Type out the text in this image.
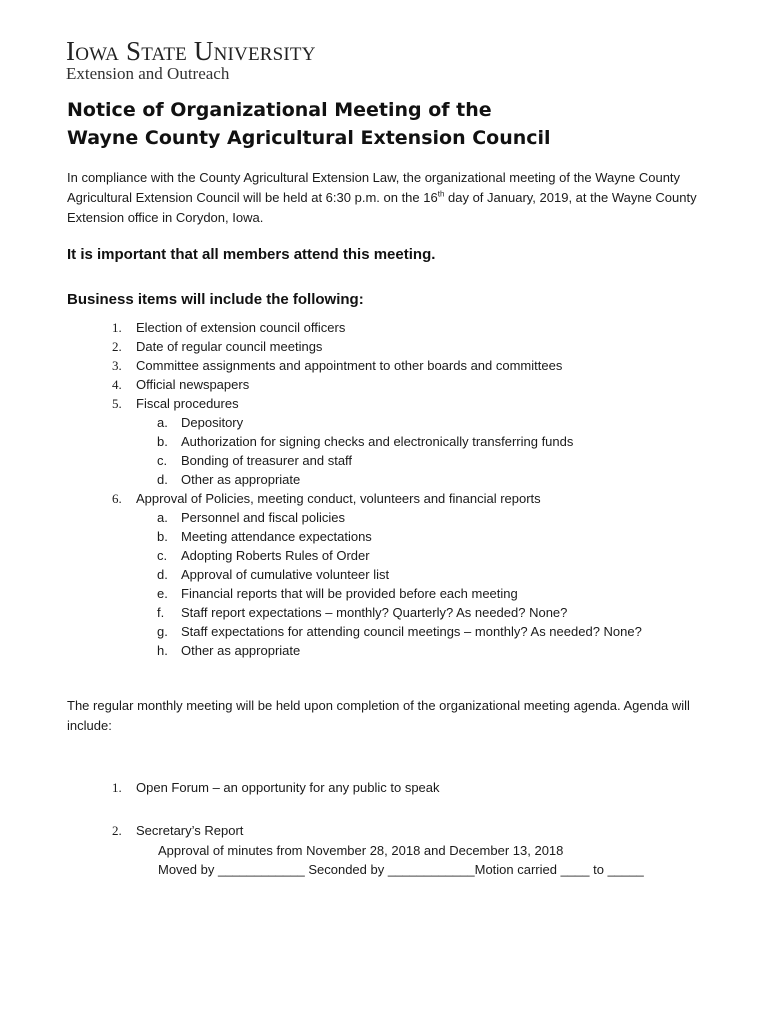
Iowa State University
Extension and Outreach
Notice of Organizational Meeting of the
Wayne County Agricultural Extension Council

In compliance with the County Agricultural Extension Law, the organizational meeting of the Wayne County Agricultural Extension Council will be held at 6:30 p.m. on the 16th day of January, 2019, at the Wayne County Extension office in Corydon, Iowa.

It is important that all members attend this meeting.

Business items will include the following:

1.	Election of extension council officers
2.	Date of regular council meetings
3.	Committee assignments and appointment to other boards and committees
4.	Official newspapers
5.	Fiscal procedures
a.	Depository
b.	Authorization for signing checks and electronically transferring funds
c.	Bonding of treasurer and staff
d.	Other as appropriate
6.	Approval of Policies, meeting conduct, volunteers and financial reports
a.	Personnel and fiscal policies
b.	Meeting attendance expectations
c.	Adopting Roberts Rules of Order
d.	Approval of cumulative volunteer list
e.	Financial reports that will be provided before each meeting
f.	Staff report expectations – monthly? Quarterly? As needed? None?
g.	Staff expectations for attending council meetings – monthly? As needed? None?
h.	Other as appropriate

The regular monthly meeting will be held upon completion of the organizational meeting agenda. Agenda will include:

1. Open Forum – an opportunity for any public to speak
2. Secretary’s Report
Approval of minutes from November 28, 2018 and December 13, 2018
Moved by ____________ Seconded by ____________Motion carried ____ to _____
